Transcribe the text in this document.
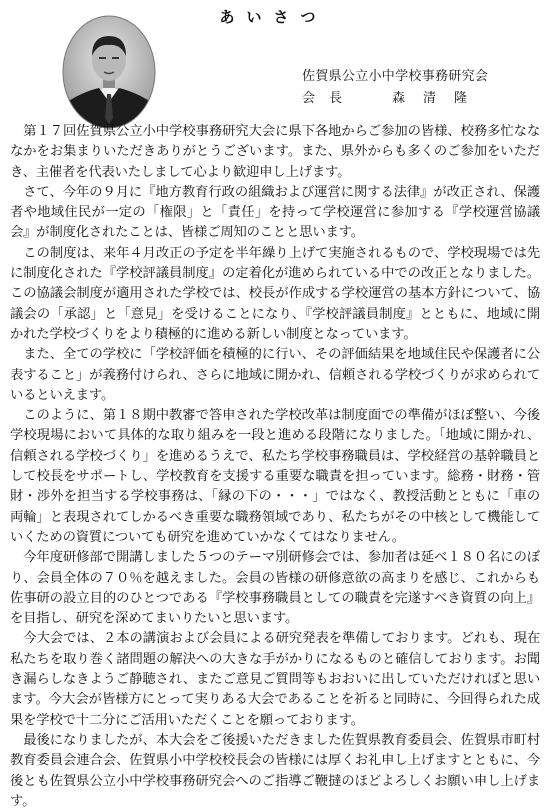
あいさつ
佐賀県公立小中学校事務研究会
会長	森清隆

第１７回佐賀県公立小中学校事務研究大会に県下各地からご参加の皆様、校務多忙なななかをお集まりいただきありがとうございます。また、県外からも多くのご参加をいただき、主催者を代表いたしまして心より歓迎申し上げます。

さて、今年の９月に『地方教育行政の組織および運営に関する法律』が改正され、保護者や地域住民が一定の「権限」と「責任」を持って学校運営に参加する『学校運営協議会』が制度化されたことは、皆様ご周知のことと思います。

この制度は、来年４月改正の予定を半年繰り上げて実施されるもので、学校現場では先に制度化された『学校評議員制度』の定着化が進められている中での改正となりました。この協議会制度が適用された学校では、校長が作成する学校運営の基本方針について、協議会の「承認」と「意見」を受けることになり、『学校評議員制度』とともに、地域に開かれた学校づくりをより積極的に進める新しい制度となっています。

また、全ての学校に「学校評価を積極的に行い、その評価結果を地域住民や保護者に公表すること」が義務付けられ、さらに地域に開かれ、信頼される学校づくりが求められているといえます。

このように、第１８期中教審で答申された学校改革は制度面での準備がほぼ整い、今後学校現場において具体的な取り組みを一段と進める段階になりました。「地域に開かれ、信頼される学校づくり」を進めるうえで、私たち学校事務職員は、学校経営の基幹職員として校長をサポートし、学校教育を支援する重要な職責を担っています。総務・財務・管財・渉外を担当する学校事務は、「縁の下の・・・」ではなく、教授活動とともに「車の両輪」と表現されてしかるべき重要な職務領域であり、私たちがその中核として機能していくための資質についても研究を進めていかなくてはなりません。

今年度研修部で開講しました５つのテーマ別研修会では、参加者は延べ１８０名にのぼり、会員全体の７０％を越えました。会員の皆様の研修意欲の高まりを感じ、これからも佐事研の設立目的のひとつである『学校事務職員としての職責を完遂すべき資質の向上』を目指し、研究を深めてまいりたいと思います。

今大会では、２本の講演および会員による研究発表を準備しております。どれも、現在私たちを取り巻く諸問題の解決への大きな手がかりになるものと確信しております。お聞き漏らしなきようご静聴され、またご意見ご質問等もおおいに出していただければと思います。今大会が皆様方にとって実りある大会であることを祈ると同時に、今回得られた成果を学校で十二分にご活用いただくことを願っております。

最後になりましたが、本大会をご後援いただきました佐賀県教育委員会、佐賀県市町村教育委員会連合会、佐賀県小中学校校長会の皆様には厚くお礼申し上げますとともに、今後とも佐賀県公立小中学校事務研究会へのご指導ご鞭撻のほどよろしくお願い申し上げます。
